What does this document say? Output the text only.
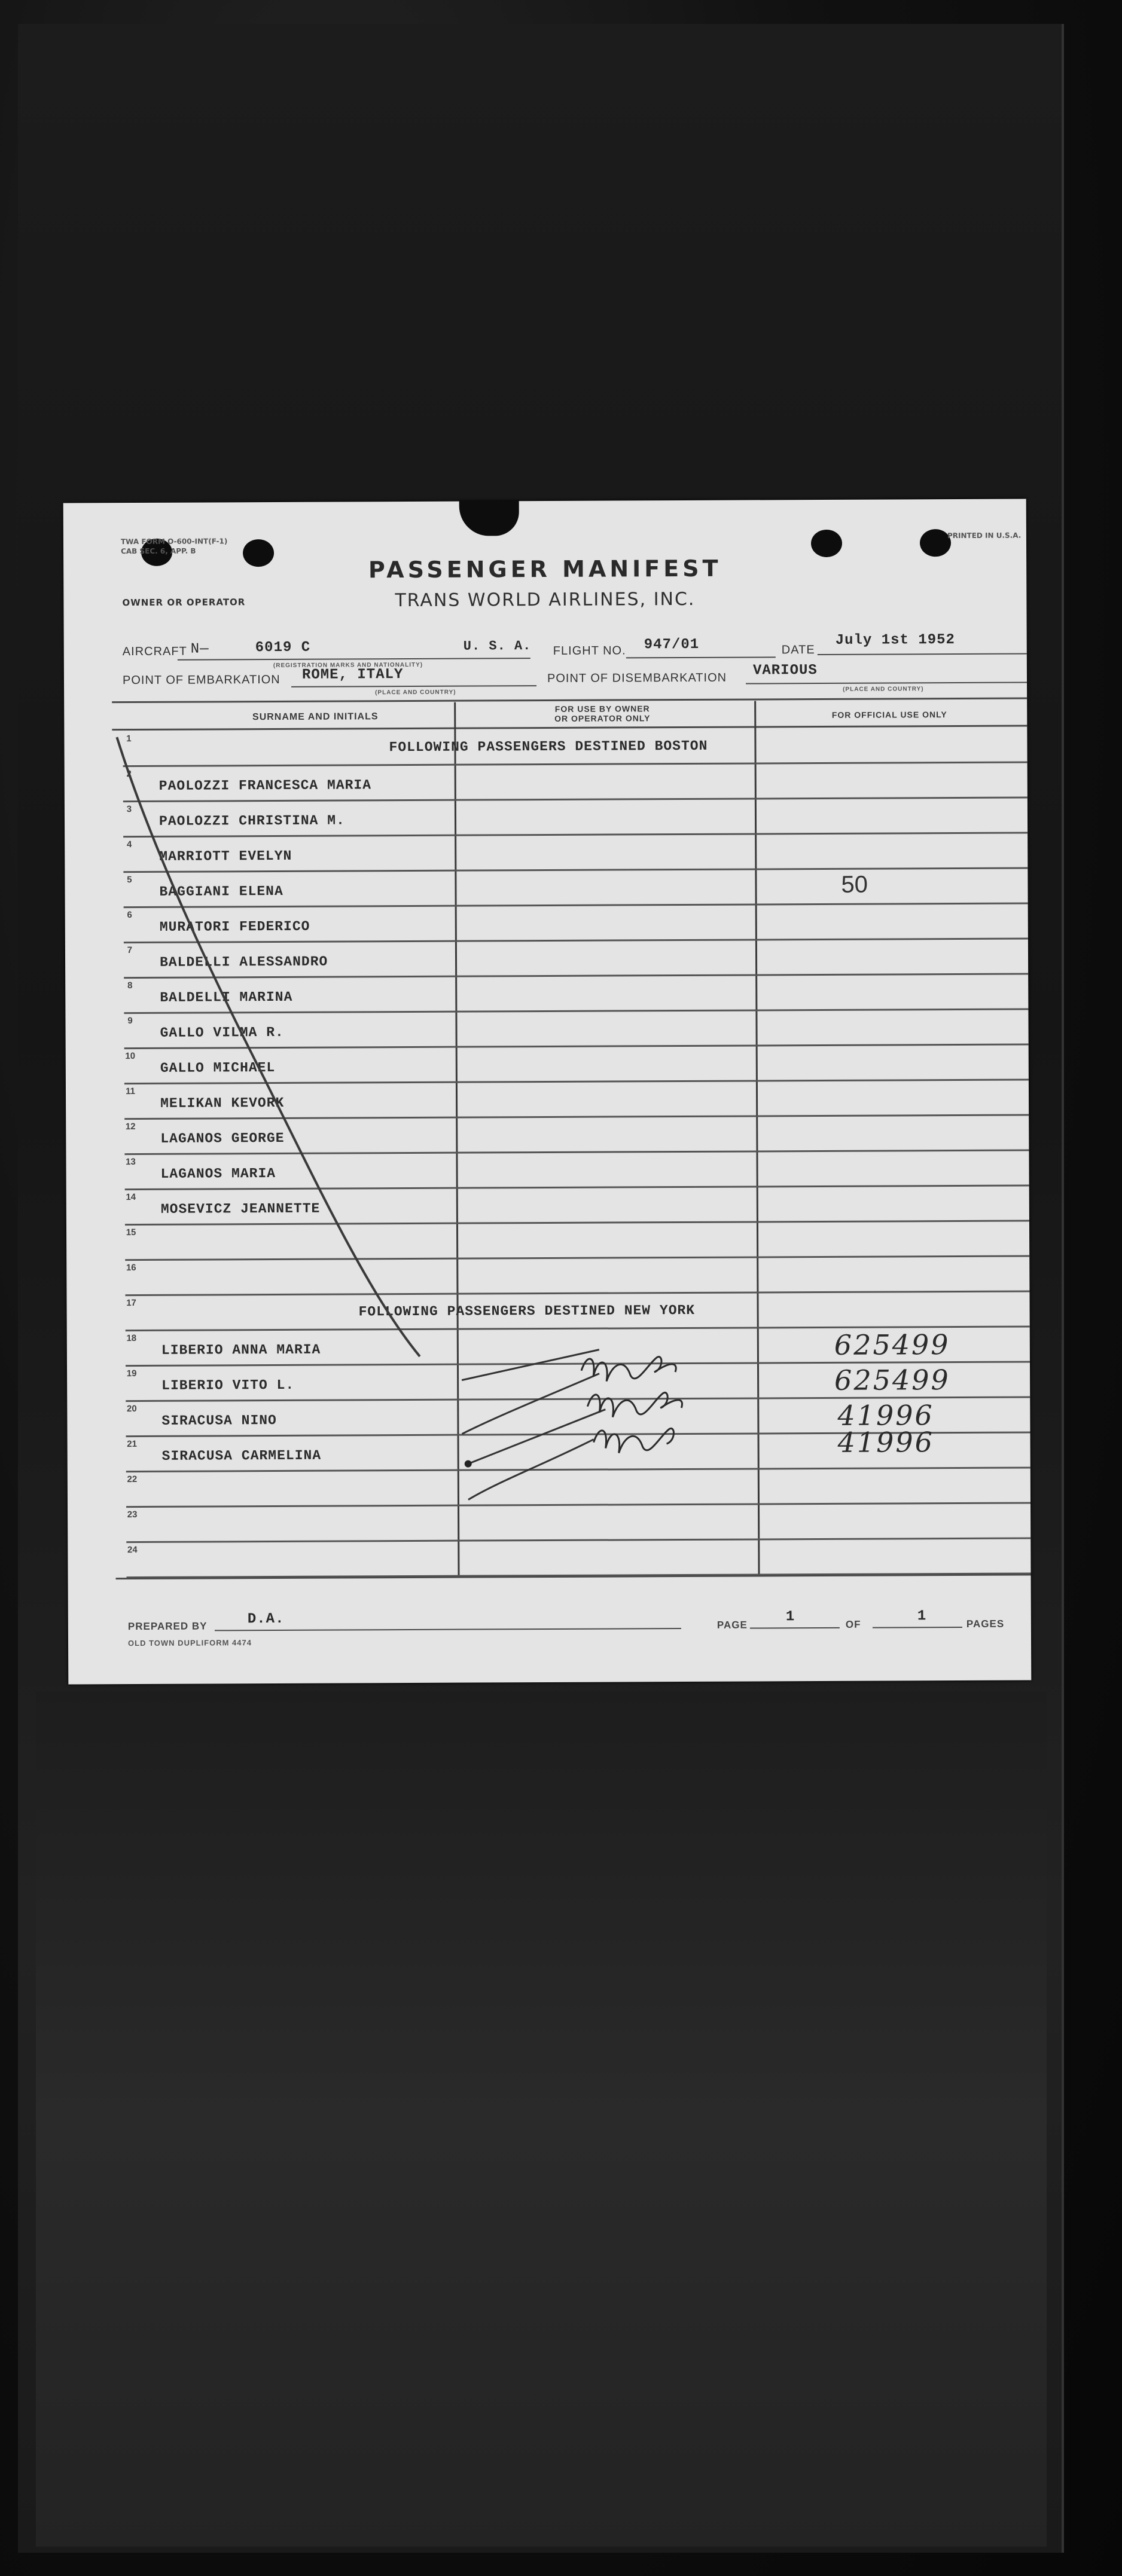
TWA FORM O-600-INT(F-1)
CAB SEC. 6, APP. B
PRINTED IN U.S.A.
OWNER OR OPERATOR
PASSENGER MANIFEST
TRANS WORLD AIRLINES, INC.
AIRCRAFT N—	6019 C	U. S. A. FLIGHT NO. 947/01	DATE
July 1st 1952
(REGISTRATION MARKS AND NATIONALITY)
POINT OF EMBARKATION ROME, ITALY	POINT OF DISEMBARKATION VARIOUS
(PLACE AND COUNTRY)	(PLACE AND COUNTRY)
SURNAME AND INITIALS
FOR USE BY OWNER
OR OPERATOR ONLY	FOR OFFICIAL USE ONLY
1	FOLLOWING PASSENGERS DESTINED BOSTON
2
PAOLOZZI FRANCESCA MARIA
3
PAOLOZZI CHRISTINA M.
4
MARRIOTT EVELYN
5
BAGGIANI ELENA	50
6
MURATORI FEDERICO
7
BALDELLI ALESSANDRO
8
BALDELLI MARINA
9
GALLO VILMA R.
10
GALLO MICHAEL
11
MELIKAN KEVORK
12
LAGANOS GEORGE
13
LAGANOS MARIA
14
MOSEVICZ JEANNETTE
15
16
17	FOLLOWING PASSENGERS DESTINED NEW YORK
18
LIBERIO ANNA MARIA	625499
19
LIBERIO VITO L.	625499
20
SIRACUSA NINO	41996
21
SIRACUSA CARMELINA	41996
22
23
24
PREPARED BY	D.A.	PAGE	1	OF	1	PAGES
OLD TOWN DUPLIFORM 4474
